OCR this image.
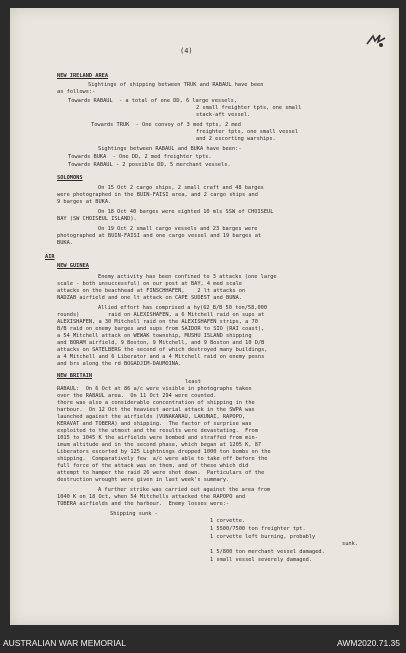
(4)
NEW IRELAND AREA
Sightings of shipping between TRUK and RABAUL have been
as follows:-
Towards RABAUL  - a total of one DD, 6 large vessels,
2 small freighter tpts, one small
stack-aft vessel.
Towards TRUK  - One convoy of 3 med tpts, 2 med
freighter tpts, one small vessel
and 2 escorting warships.
Sightings between RABAUL and BUKA have been:-
Towards BUKA  - One DD, 2 med freighter tpts.
Towards RABAUL - 2 possible DD, 5 merchant vessels.
SOLOMONS
On 15 Oct 2 cargo ships, 2 small craft and 48 barges
were photographed in the BUIN-FAISI area, and 2 cargo ships and
9 barges at BUKA.
On 18 Oct 40 barges were sighted 10 mls SSW of CHOISEUL
BAY (SW CHOISEUL ISLAND).
On 19 Oct 2 small cargo vessels and 23 barges were
photographed at BUIN-FAISI and one cargo vessel and 19 barges at
BUKA.
AIR
NEW GUINEA
Enemy activity has been confined to 3 attacks (one large
scale - both unsuccessful) on our post at BAY, 4 med scale
attacks on the beachhead at FINSCHHAFEN,    2 lt attacks on
NADZAB airfield and one lt attack on CAPE SUDEST and BUNA.
Allied effort has comprised a hy(62 B/B 50 ton/58,000
rounds)         raid on ALEXISHAFEN, a 6 Mitchell raid on sups at
ALEXISHAFEN, a 30 Mitchell raid on the ALEXISHAFEN strips, a 70
B/B raid on enemy barges and sups from SAIDOR to SIO (RAI coast),
a 54 Mitchell attack on WEWAK township, MUSHU ISLAND shipping
and BORAM airfield, 9 Boston, 9 Mitchell, and 9 Boston and 10 D/B
attacks on SATELBERG the second of which destroyed many buildings,
a 4 Mitchell and 6 Liberator and a 4 Mitchell raid on enemy posns
and brs along the rd BOGADJIM-DAUMOINA.
NEW BRITAIN
least
RABAUL:  On 6 Oct at 86 a/c were visible in photographs taken
over the RABAUL area.  On 11 Oct 294 were counted.
there was also a considerable concentration of shipping in the
harbour.  On 12 Oct the heaviest aerial attack in the SWPA was
launched against the airfields (VUNAKANAU, LAKUNAI, RAPOPO,
KERAVAT and TOBERA) and shipping.  The factor of surprise was
exploited to the utmost and the results were devastating.  From
1015 to 1045 K the airfields were bombed and straffed from min-
imum altitude and in the second phase, which began at 1205 K, 87
Liberators escorted by 125 Lightnings dropped 1000 ton bombs on the
shipping.  Comparatively few  a/c were able to take off before the
full force of the attack was on them, and of these which did
attempt to hamper the raid 26 were shot down.  Particulars of the
destruction wrought were given in last week's summary.
A further strike was carried out against the area from
1040 K on 18 Oct, when 54 Mitchells attacked the RAPOPO and
TOBERA airfields and the harbour.  Enemy losses were:-
Shipping sunk -
1 corvette.
1 5500/7500 ton freighter tpt.
1 corvette left burning, probably
sunk.
1 5/800 ton merchant vessel damaged.
1 small vessel severely damaged.
AUSTRALIAN WAR MEMORIAL	AWM2020.71.35
